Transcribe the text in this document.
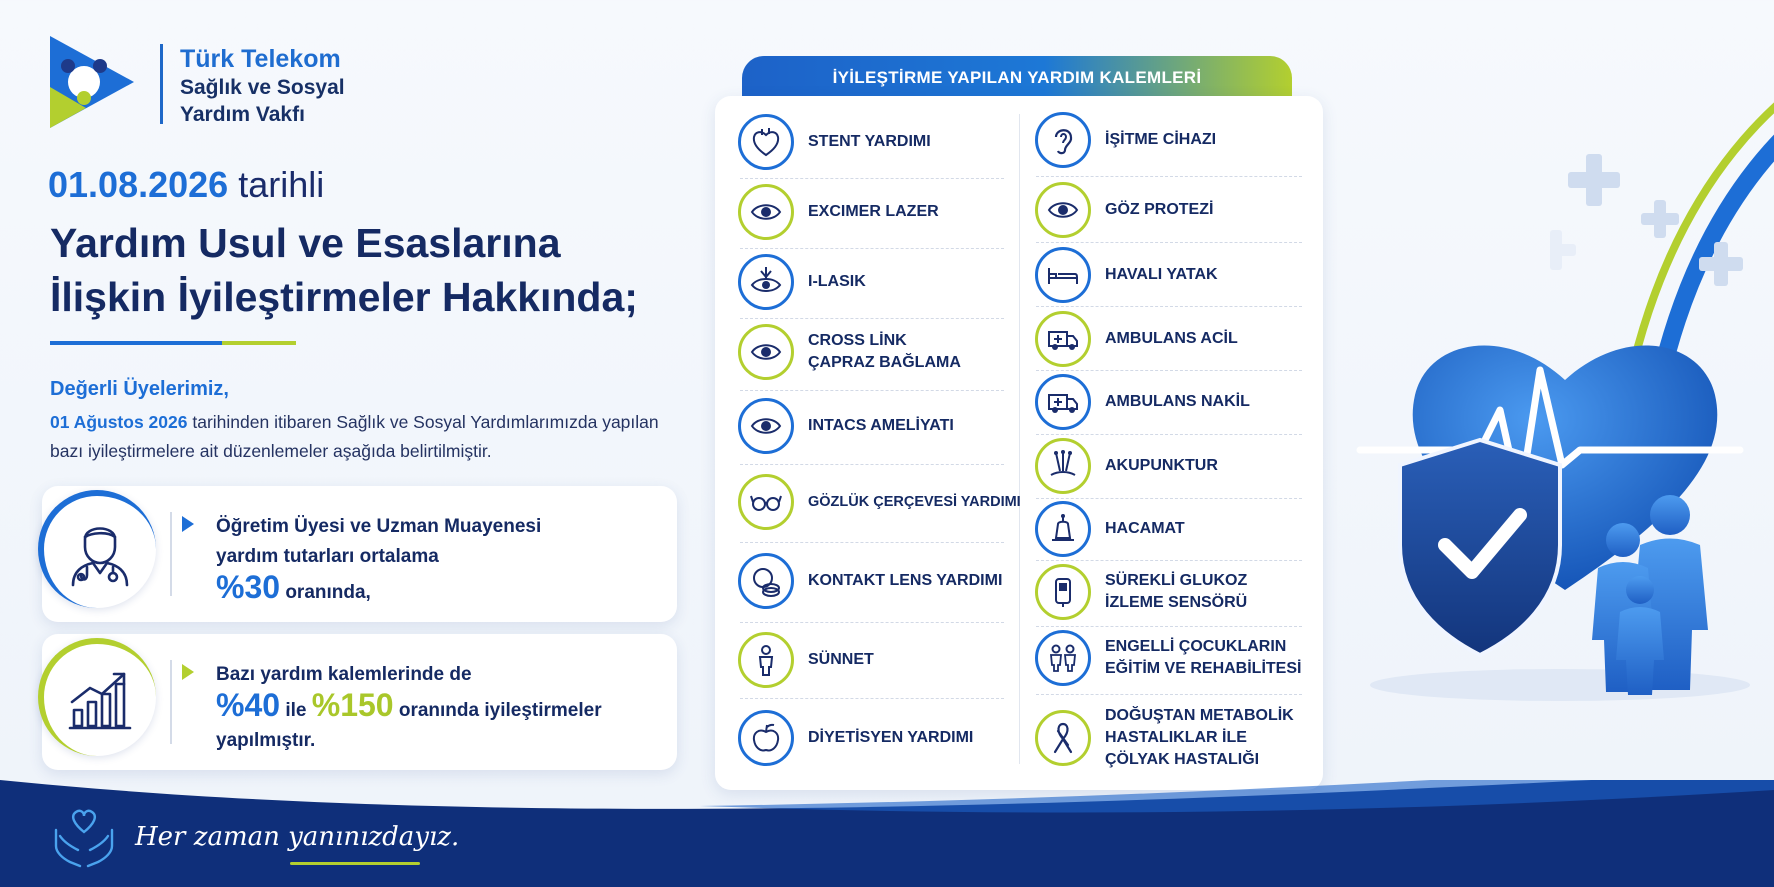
Türk Telekom
Sağlık ve Sosyal
Yardım Vakfı
01.08.2026 tarihli
Yardım Usul ve Esaslarına
İlişkin İyileştirmeler Hakkında;
Değerli Üyelerimiz,
01 Ağustos 2026 tarihinden itibaren Sağlık ve Sosyal Yardımlarımızda yapılan bazı iyileştirmelere ait düzenlemeler aşağıda belirtilmiştir.
Öğretim Üyesi ve Uzman Muayenesi
yardım tutarları ortalama
%30 oranında,
Bazı yardım kalemlerinde de
%40 ile %150 oranında iyileştirmeler
yapılmıştır.
İYİLEŞTİRME YAPILAN YARDIM KALEMLERİ
STENT YARDIMI
EXCIMER LAZER
I-LASIK
CROSS LİNK
ÇAPRAZ BAĞLAMA
INTACS AMELİYATI
GÖZLÜK ÇERÇEVESİ YARDIMI
KONTAKT LENS YARDIMI
SÜNNET
DİYETİSYEN YARDIMI
İŞİTME CİHAZI
GÖZ PROTEZİ
HAVALI YATAK
AMBULANS ACİL
AMBULANS NAKİL
AKUPUNKTUR
HACAMAT
SÜREKLİ GLUKOZ
İZLEME SENSÖRÜ
ENGELLİ ÇOCUKLARIN
EĞİTİM VE REHABİLİTESİ
DOĞUŞTAN METABOLİK
HASTALIKLAR İLE
ÇÖLYAK HASTALIĞI
Her zaman yanınızdayız.
